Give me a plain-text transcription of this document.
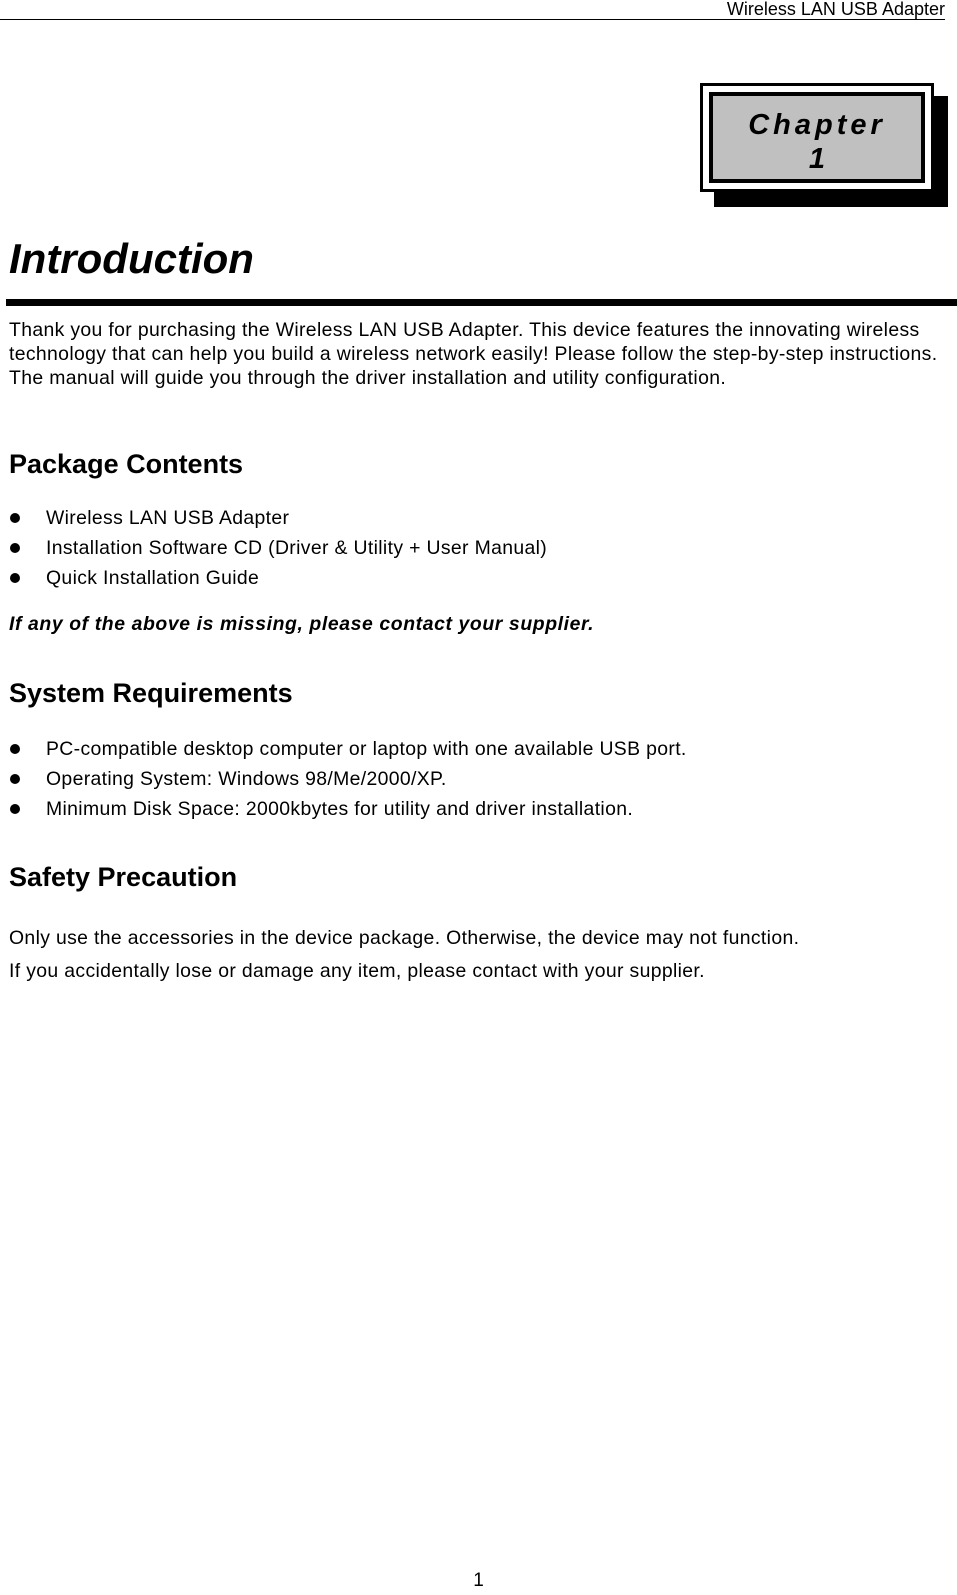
Wireless LAN USB Adapter
Chapter
1
Introduction

Thank you for purchasing the Wireless LAN USB Adapter. This device features the innovating wireless technology that can help you build a wireless network easily! Please follow the step-by-step instructions. The manual will guide you through the driver installation and utility configuration.

Package Contents
Wireless LAN USB Adapter
Installation Software CD (Driver & Utility + User Manual)
Quick Installation Guide

If any of the above is missing, please contact your supplier.

System Requirements
PC-compatible desktop computer or laptop with one available USB port.
Operating System: Windows 98/Me/2000/XP.
Minimum Disk Space: 2000kbytes for utility and driver installation.
Safety Precaution

Only use the accessories in the device package. Otherwise, the device may not function.

If you accidentally lose or damage any item, please contact with your supplier.

1
